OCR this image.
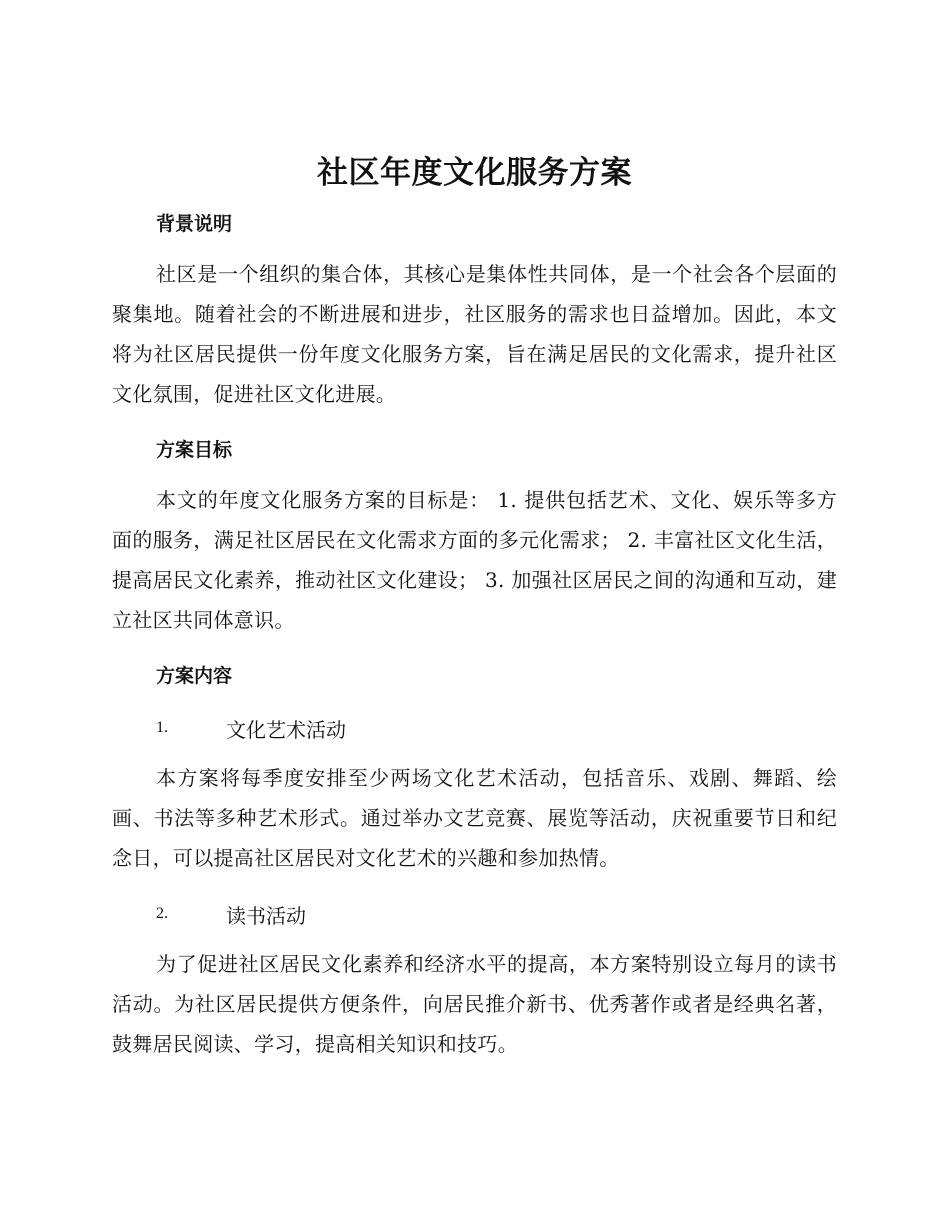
社区年度文化服务方案
背景说明

社区是一个组织的集合体，其核心是集体性共同体，是一个社会各个层面的聚集地。随着社会的不断进展和进步，社区服务的需求也日益增加。因此，本文将为社区居民提供一份年度文化服务方案，旨在满足居民的文化需求，提升社区文化氛围，促进社区文化进展。

方案目标

本文的年度文化服务方案的目标是： 1. 提供包括艺术、文化、娱乐等多方面的服务，满足社区居民在文化需求方面的多元化需求； 2. 丰富社区文化生活，提高居民文化素养，推动社区文化建设； 3. 加强社区居民之间的沟通和互动，建立社区共同体意识。

方案内容
1.	文化艺术活动

本方案将每季度安排至少两场文化艺术活动，包括音乐、戏剧、舞蹈、绘画、书法等多种艺术形式。通过举办文艺竞赛、展览等活动，庆祝重要节日和纪念日，可以提高社区居民对文化艺术的兴趣和参加热情。

2.	读书活动

为了促进社区居民文化素养和经济水平的提高，本方案特别设立每月的读书活动。为社区居民提供方便条件，向居民推介新书、优秀著作或者是经典名著，鼓舞居民阅读、学习，提高相关知识和技巧。
